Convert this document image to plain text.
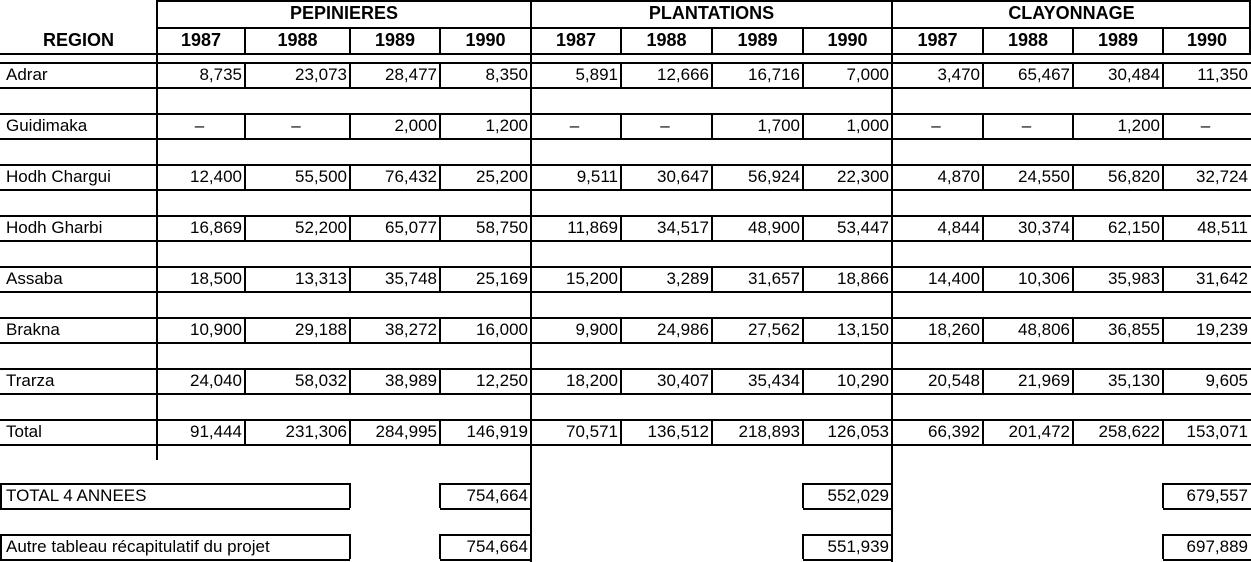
PEPINIERES	PLANTATIONS	CLAYONNAGE
REGION	1987	1988	1989	1990	1987	1988	1989	1990	1987	1988	1989	1990
Adrar	8,735	23,073	28,477	8,350	5,891	12,666	16,716	7,000	3,470	65,467	30,484	11,350
Guidimaka	–	–	2,000	1,200	–	–	1,700	1,000	–	–	1,200	–
Hodh Chargui	12,400	55,500	76,432	25,200	9,511	30,647	56,924	22,300	4,870	24,550	56,820	32,724
Hodh Gharbi	16,869	52,200	65,077	58,750	11,869	34,517	48,900	53,447	4,844	30,374	62,150	48,511
Assaba	18,500	13,313	35,748	25,169	15,200	3,289	31,657	18,866	14,400	10,306	35,983	31,642
Brakna	10,900	29,188	38,272	16,000	9,900	24,986	27,562	13,150	18,260	48,806	36,855	19,239
Trarza	24,040	58,032	38,989	12,250	18,200	30,407	35,434	10,290	20,548	21,969	35,130	9,605
Total	91,444	231,306	284,995	146,919	70,571	136,512	218,893	126,053	66,392	201,472	258,622	153,071
TOTAL 4 ANNEES	754,664	552,029	679,557
Autre tableau récapitulatif du projet	754,664	551,939	697,889
